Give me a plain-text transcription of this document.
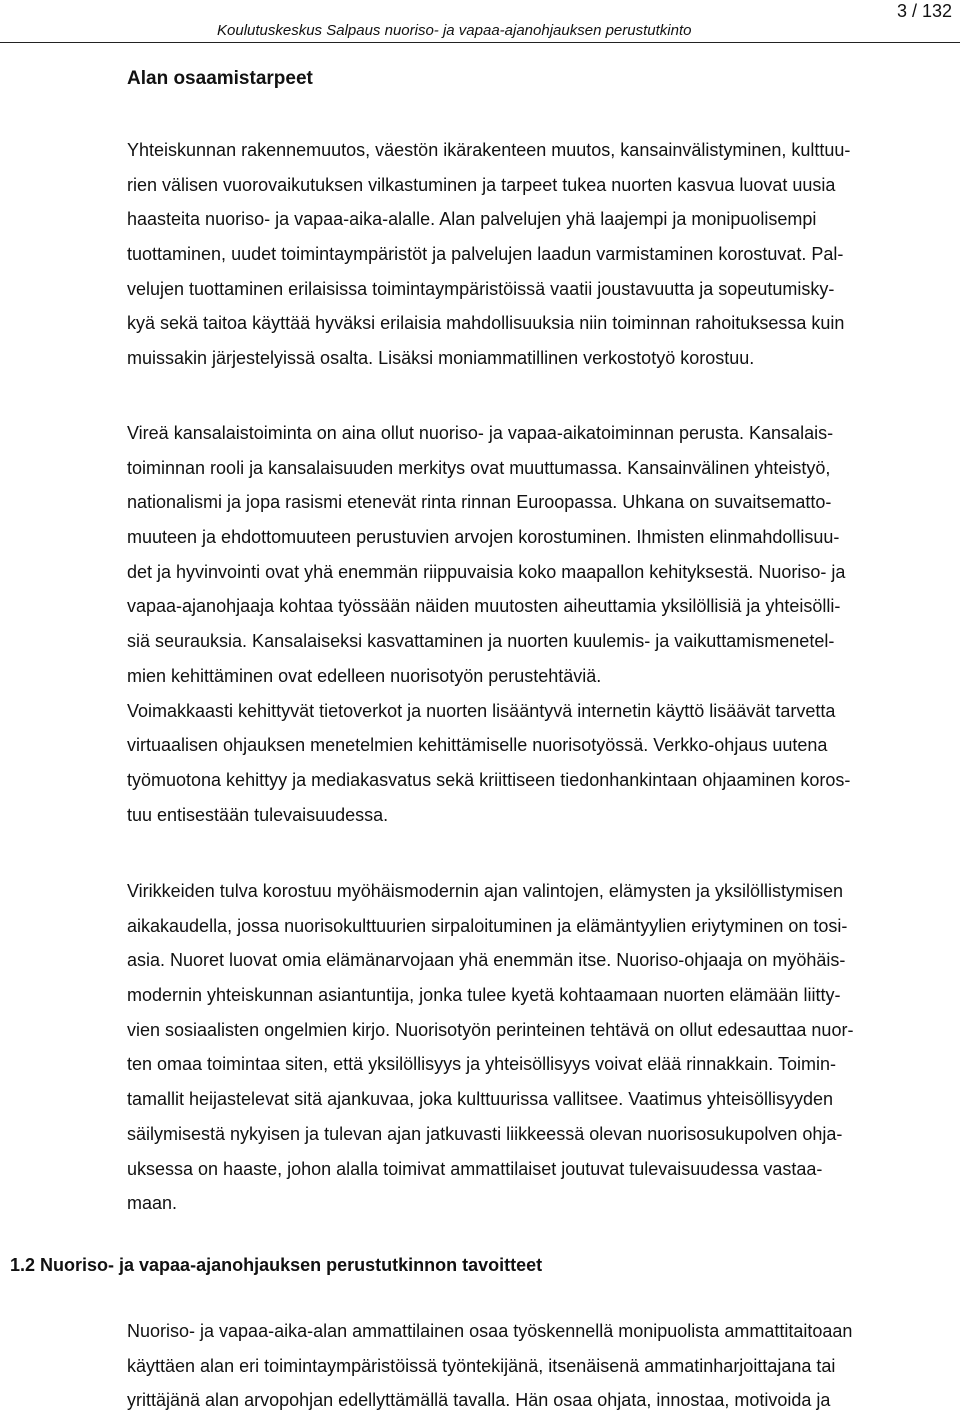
3 / 132
Koulutuskeskus Salpaus nuoriso- ja vapaa-ajanohjauksen perustutkinto
Alan osaamistarpeet

Yhteiskunnan rakennemuutos, väestön ikärakenteen muutos, kansainvälistyminen, kulttuu-
rien välisen vuorovaikutuksen vilkastuminen ja tarpeet tukea nuorten kasvua luovat uusia
haasteita nuoriso- ja vapaa-aika-alalle. Alan palvelujen yhä laajempi ja monipuolisempi
tuottaminen, uudet toimintaympäristöt ja palvelujen laadun varmistaminen korostuvat. Pal-
velujen tuottaminen erilaisissa toimintaympäristöissä vaatii joustavuutta ja sopeutumisky-
kyä sekä taitoa käyttää hyväksi erilaisia mahdollisuuksia niin toiminnan rahoituksessa kuin
muissakin järjestelyissä osalta. Lisäksi moniammatillinen verkostotyö korostuu.

Vireä kansalaistoiminta on aina ollut nuoriso- ja vapaa-aikatoiminnan perusta. Kansalais-
toiminnan rooli ja kansalaisuuden merkitys ovat muuttumassa. Kansainvälinen yhteistyö,
nationalismi ja jopa rasismi etenevät rinta rinnan Euroopassa. Uhkana on suvaitsematto-
muuteen ja ehdottomuuteen perustuvien arvojen korostuminen. Ihmisten elinmahdollisuu-
det ja hyvinvointi ovat yhä enemmän riippuvaisia koko maapallon kehityksestä. Nuoriso- ja
vapaa-ajanohjaaja kohtaa työssään näiden muutosten aiheuttamia yksilöllisiä ja yhteisölli-
siä seurauksia. Kansalaiseksi kasvattaminen ja nuorten kuulemis- ja vaikuttamismenetel-
mien kehittäminen ovat edelleen nuorisotyön perustehtäviä.
Voimakkaasti kehittyvät tietoverkot ja nuorten lisääntyvä internetin käyttö lisäävät tarvetta
virtuaalisen ohjauksen menetelmien kehittämiselle nuorisotyössä. Verkko-ohjaus uutena
työmuotona kehittyy ja mediakasvatus sekä kriittiseen tiedonhankintaan ohjaaminen koros-
tuu entisestään tulevaisuudessa.

Virikkeiden tulva korostuu myöhäismodernin ajan valintojen, elämysten ja yksilöllistymisen
aikakaudella, jossa nuorisokulttuurien sirpaloituminen ja elämäntyylien eriytyminen on tosi-
asia. Nuoret luovat omia elämänarvojaan yhä enemmän itse. Nuoriso-ohjaaja on myöhäis-
modernin yhteiskunnan asiantuntija, jonka tulee kyetä kohtaamaan nuorten elämään liitty-
vien sosiaalisten ongelmien kirjo. Nuorisotyön perinteinen tehtävä on ollut edesauttaa nuor-
ten omaa toimintaa siten, että yksilöllisyys ja yhteisöllisyys voivat elää rinnakkain. Toimin-
tamallit heijastelevat sitä ajankuvaa, joka kulttuurissa vallitsee. Vaatimus yhteisöllisyyden
säilymisestä nykyisen ja tulevan ajan jatkuvasti liikkeessä olevan nuorisosukupolven ohja-
uksessa on haaste, johon alalla toimivat ammattilaiset joutuvat tulevaisuudessa vastaa-
maan.

1.2 Nuoriso- ja vapaa-ajanohjauksen perustutkinnon tavoitteet

Nuoriso- ja vapaa-aika-alan ammattilainen osaa työskennellä monipuolista ammattitaitoaan
käyttäen alan eri toimintaympäristöissä työntekijänä, itsenäisenä ammatinharjoittajana tai
yrittäjänä alan arvopohjan edellyttämällä tavalla. Hän osaa ohjata, innostaa, motivoida ja
